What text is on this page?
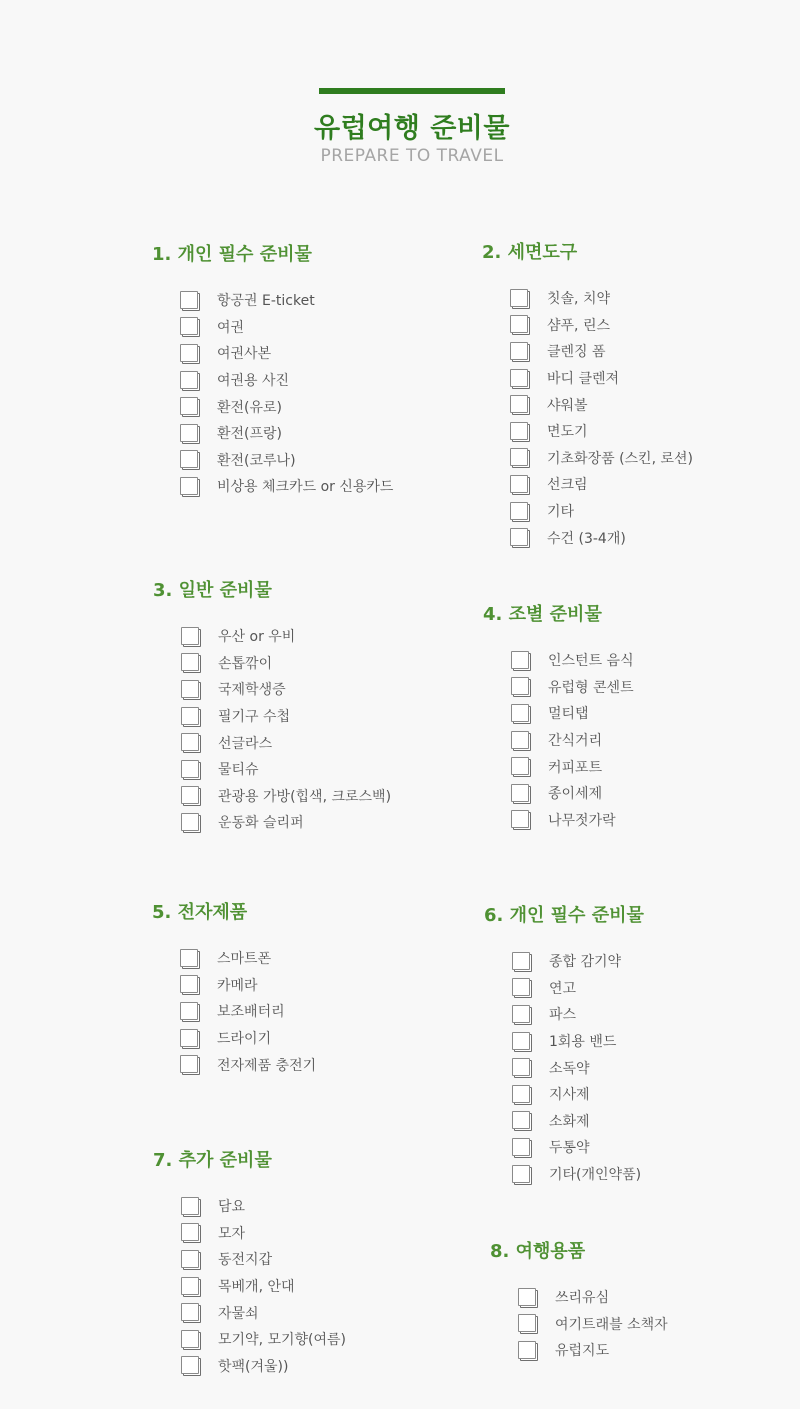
유럽여행 준비물
PREPARE TO TRAVEL
1. 개인 필수 준비물
항공권 E-ticket
여권
여권사본
여권용 사진
환전(유로)
환전(프랑)
환전(코루나)
비상용 체크카드 or 신용카드
2. 세면도구
칫솔, 치약
샴푸, 린스
클렌징 폼
바디 클렌져
샤워볼
면도기
기초화장품 (스킨, 로션)
선크림
기타
수건 (3-4개)
3. 일반 준비물
우산 or 우비
손톱깎이
국제학생증
필기구 수첩
선글라스
물티슈
관광용 가방(힙색, 크로스백)
운동화 슬리퍼
4. 조별 준비물
인스턴트 음식
유럽형 콘센트
멀티탭
간식거리
커피포트
종이세제
나무젓가락
5. 전자제품
스마트폰
카메라
보조배터리
드라이기
전자제품 충전기
6. 개인 필수 준비물
종합 감기약
연고
파스
1회용 밴드
소독약
지사제
소화제
두통약
기타(개인약품)
7. 추가 준비물
담요
모자
동전지갑
목베개, 안대
자물쇠
모기약, 모기향(여름)
핫팩(겨울))
8. 여행용품
쓰리유심
여기트래블 소책자
유럽지도
